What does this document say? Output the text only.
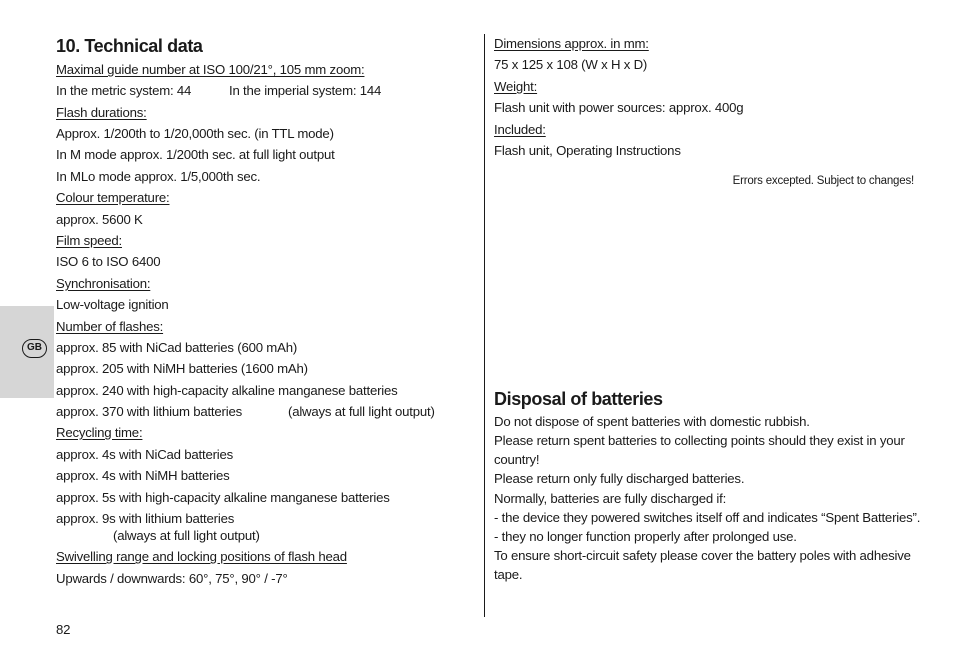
GB
10. Technical data
Maximal guide number at ISO 100/21°, 105 mm zoom:
In the metric system: 44	In the imperial system: 144
Flash durations:
Approx. 1/200th to 1/20,000th sec. (in TTL mode)
In M mode approx. 1/200th sec. at full light output
In MLo mode approx. 1/5,000th sec.
Colour temperature:
approx. 5600 K
Film speed:
ISO 6 to ISO 6400
Synchronisation:
Low-voltage ignition
Number of flashes:
approx. 85 with NiCad batteries (600 mAh)
approx. 205 with NiMH batteries (1600 mAh)
approx. 240 with high-capacity alkaline manganese batteries
approx. 370 with lithium batteries	(always at full light output)
Recycling time:
approx. 4s with NiCad batteries
approx. 4s with NiMH batteries
approx. 5s with high-capacity alkaline manganese batteries
approx. 9s with lithium batteries
(always at full light output)
Swivelling range and locking positions of flash head
Upwards / downwards: 60°, 75°, 90° / -7°
82
Dimensions approx. in mm:
75 x 125 x 108 (W x H x D)
Weight:
Flash unit with power sources: approx. 400g
Included:
Flash unit, Operating Instructions
Errors excepted. Subject to changes!
Disposal of batteries
Do not dispose of spent batteries with domestic rubbish.
Please return spent batteries to collecting points should they exist in your
country!
Please return only fully discharged batteries.
Normally, batteries are fully discharged if:
- the device they powered switches itself off and indicates “Spent Batteries”.
- they no longer function properly after prolonged use.
To ensure short-circuit safety please cover the battery poles with adhesive
tape.
